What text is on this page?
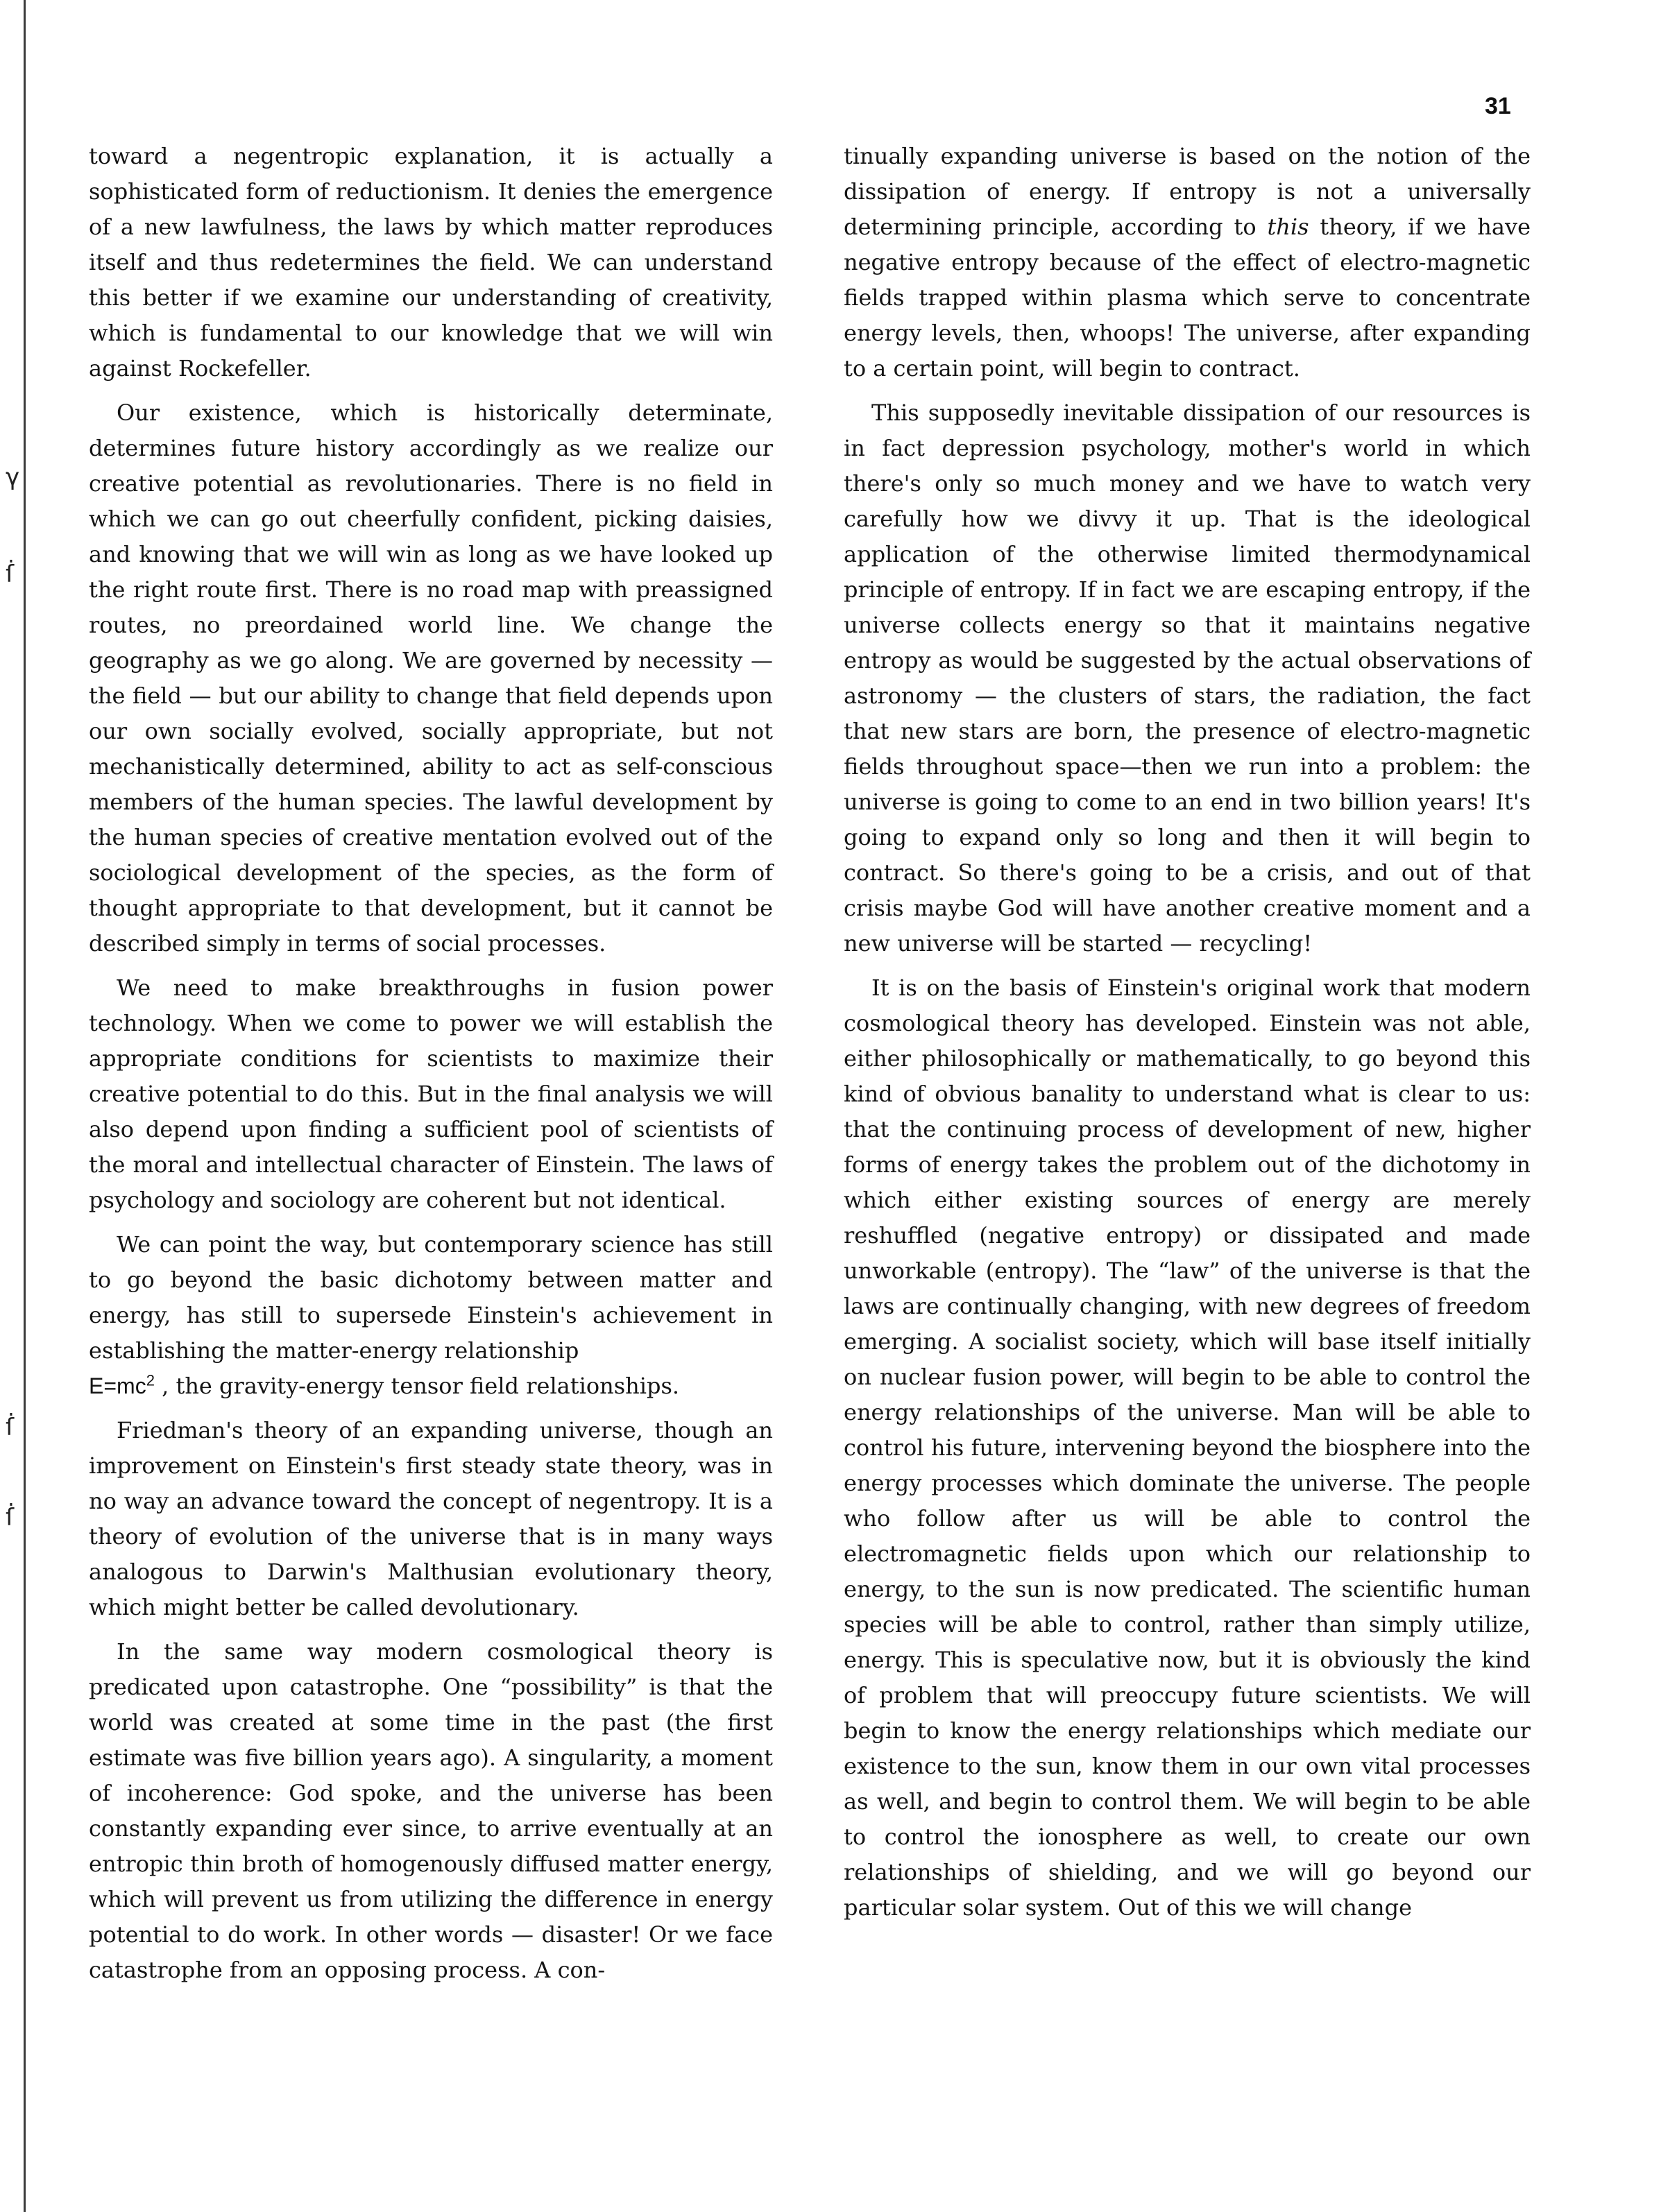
31
γ
ẛ
ẛ
ẛ

toward a negentropic explanation, it is actually a sophisticated form of reductionism. It denies the emergence of a new lawfulness, the laws by which matter reproduces itself and thus redetermines the field. We can understand this better if we examine our understanding of creativity, which is fundamental to our knowledge that we will win against Rockefeller.

Our existence, which is historically determinate, determines future history accordingly as we realize our creative potential as revolutionaries. There is no field in which we can go out cheerfully confident, picking daisies, and knowing that we will win as long as we have looked up the right route first. There is no road map with preassigned routes, no preordained world line. We change the geography as we go along. We are governed by necessity — the field — but our ability to change that field depends upon our own socially evolved, socially appropriate, but not mechanistically determined, ability to act as self-conscious members of the human species. The lawful development by the human species of creative mentation evolved out of the sociological development of the species, as the form of thought appropriate to that development, but it cannot be described simply in terms of social processes.

We need to make breakthroughs in fusion power technology. When we come to power we will establish the appropriate conditions for scientists to maximize their creative potential to do this. But in the final analysis we will also depend upon finding a sufficient pool of scientists of the moral and intellectual character of Einstein. The laws of psychology and sociology are coherent but not identical.

We can point the way, but contemporary science has still to go beyond the basic dichotomy between matter and energy, has still to supersede Einstein's achievement in establishing the matter-energy relationship
$E=mc^2$ , the gravity-energy tensor field relationships.

Friedman's theory of an expanding universe, though an improvement on Einstein's first steady state theory, was in no way an advance toward the concept of negentropy. It is a theory of evolution of the universe that is in many ways analogous to Darwin's Malthusian evolutionary theory, which might better be called devolutionary.

In the same way modern cosmological theory is predicated upon catastrophe. One “possibility” is that the world was created at some time in the past (the first estimate was five billion years ago). A singularity, a moment of incoherence: God spoke, and the universe has been constantly expanding ever since, to arrive eventually at an entropic thin broth of homogenously diffused matter energy, which will prevent us from utilizing the difference in energy potential to do work. In other words — disaster! Or we face catastrophe from an opposing process. A con-

tinually expanding universe is based on the notion of the dissipation of energy. If entropy is not a universally determining principle, according to this theory, if we have negative entropy because of the effect of electro-magnetic fields trapped within plasma which serve to concentrate energy levels, then, whoops! The universe, after expanding to a certain point, will begin to contract.

This supposedly inevitable dissipation of our resources is in fact depression psychology, mother's world in which there's only so much money and we have to watch very carefully how we divvy it up. That is the ideological application of the otherwise limited thermodynamical principle of entropy. If in fact we are escaping entropy, if the universe collects energy so that it maintains negative entropy as would be suggested by the actual observations of astronomy — the clusters of stars, the radiation, the fact that new stars are born, the presence of electro-magnetic fields throughout space—then we run into a problem: the universe is going to come to an end in two billion years! It's going to expand only so long and then it will begin to contract. So there's going to be a crisis, and out of that crisis maybe God will have another creative moment and a new universe will be started — recycling!

It is on the basis of Einstein's original work that modern cosmological theory has developed. Einstein was not able, either philosophically or mathematically, to go beyond this kind of obvious banality to understand what is clear to us: that the continuing process of development of new, higher forms of energy takes the problem out of the dichotomy in which either existing sources of energy are merely reshuffled (negative entropy) or dissipated and made unworkable (entropy). The “law” of the universe is that the laws are continually changing, with new degrees of freedom emerging. A socialist society, which will base itself initially on nuclear fusion power, will begin to be able to control the energy relationships of the universe. Man will be able to control his future, intervening beyond the biosphere into the energy processes which dominate the universe. The people who follow after us will be able to control the electromagnetic fields upon which our relationship to energy, to the sun is now predicated. The scientific human species will be able to control, rather than simply utilize, energy. This is speculative now, but it is obviously the kind of problem that will preoccupy future scientists. We will begin to know the energy relationships which mediate our existence to the sun, know them in our own vital processes as well, and begin to control them. We will begin to be able to control the ionosphere as well, to create our own relationships of shielding, and we will go beyond our particular solar system. Out of this we will change
